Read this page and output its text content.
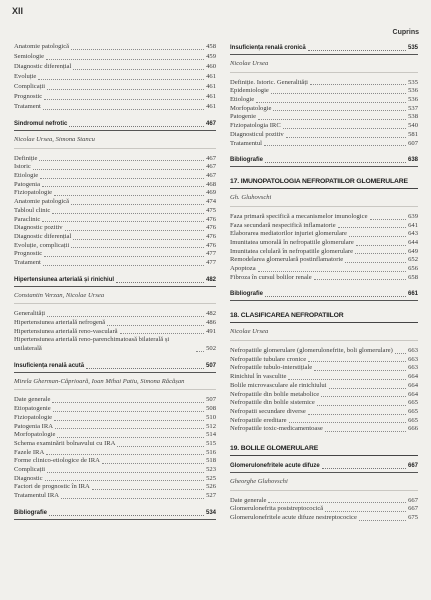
XII
Cuprins
Anatomie patologică	458
Semiologie	459
Diagnostic diferențial	460
Evoluție	461
Complicații	461
Prognostic	461
Tratament	461
Sindromul nefrotic	467
Nicolae Ursea, Simona Stancu
Definiție	467
Istoric	467
Etiologie	467
Patogenia	468
Fiziopatologie	469
Anatomie patologică	474
Tabloul clinic	475
Paraclinic	476
Diagnostic pozitiv	476
Diagnostic diferențial	476
Evoluție, complicații	476
Prognostic	477
Tratament	477
Hipertensiunea arterială și rinichiul	482
Constantin Verzan, Nicolae Ursea
Generalități	482
Hipertensiunea arterială nefrogenă	486
Hipertensiunea arterială reno-vasculară	491
Hipertensiunea arterială reno-parenchimatoasă bilaterală și unilaterală	502
Insuficiența renală acută	507
Mirela Gherman-Căprioară, Ioan Mihai Patiu, Simona Răcășan
Date generale	507
Etiopatogenie	508
Fiziopatologie	510
Patogenia IRA	512
Morfopatologie	514
Schema examinării bolnavului cu IRA	515
Fazele IRA	516
Forme clinico-etiologice de IRA	518
Complicații	523
Diagnostic	525
Factori de prognostic în IRA	526
Tratamentul IRA	527
Bibliografie	534
Insuficiența renală cronică	535
Nicolae Ursea
Definiție. Istoric. Generalități	535
Epidemiologie	536
Etiologie	536
Morfopatologie	537
Patogenie	538
Fiziopatologia IRC	540
Diagnosticul pozitiv	581
Tratamentul	607
Bibliografie	638
17. IMUNOPATOLOGIA NEFROPATIILOR GLOMERULARE
Gh. Gluhovschi
Faza primară specifică a mecanismelor imunologice	639
Faza secundară nespecifică inflamatorie	641
Elaborarea mediatorilor injuriei glomerulare	643
Imunitatea umorală în nefropatiile glomerulare	644
Imunitatea celulară în nefropatiile glomerulare	649
Remodelarea glomerulară postinflamatorie	652
Apoptoza	656
Fibroza în cursul bolilor renale	658
Bibliografie	661
18. CLASIFICAREA NEFROPATIILOR
Nicolae Ursea
Nefropatiile glomerulare (glomerulonefrite, boli glomerulare) 663
Nefropatiile tubulare cronice	663
Nefropatiile tubulo-interstițiale	663
Rinichiul în vasculite	664
Bolile microvasculare ale rinichiului	664
Nefropatiile din bolile metabolice	664
Nefropatiile din bolile sistemice	665
Nefropatii secundare diverse	665
Nefropatiile ereditare	665
Nefropatiile toxic-medicamentoase	666
19. BOLILE GLOMERULARE
Glomerulonefritele acute difuze	667
Gheorghe Gluhovschi
Date generale	667
Glomerulonefrita poststreptococică	667
Glomerulonefritele acute difuze nestreptococice	675
